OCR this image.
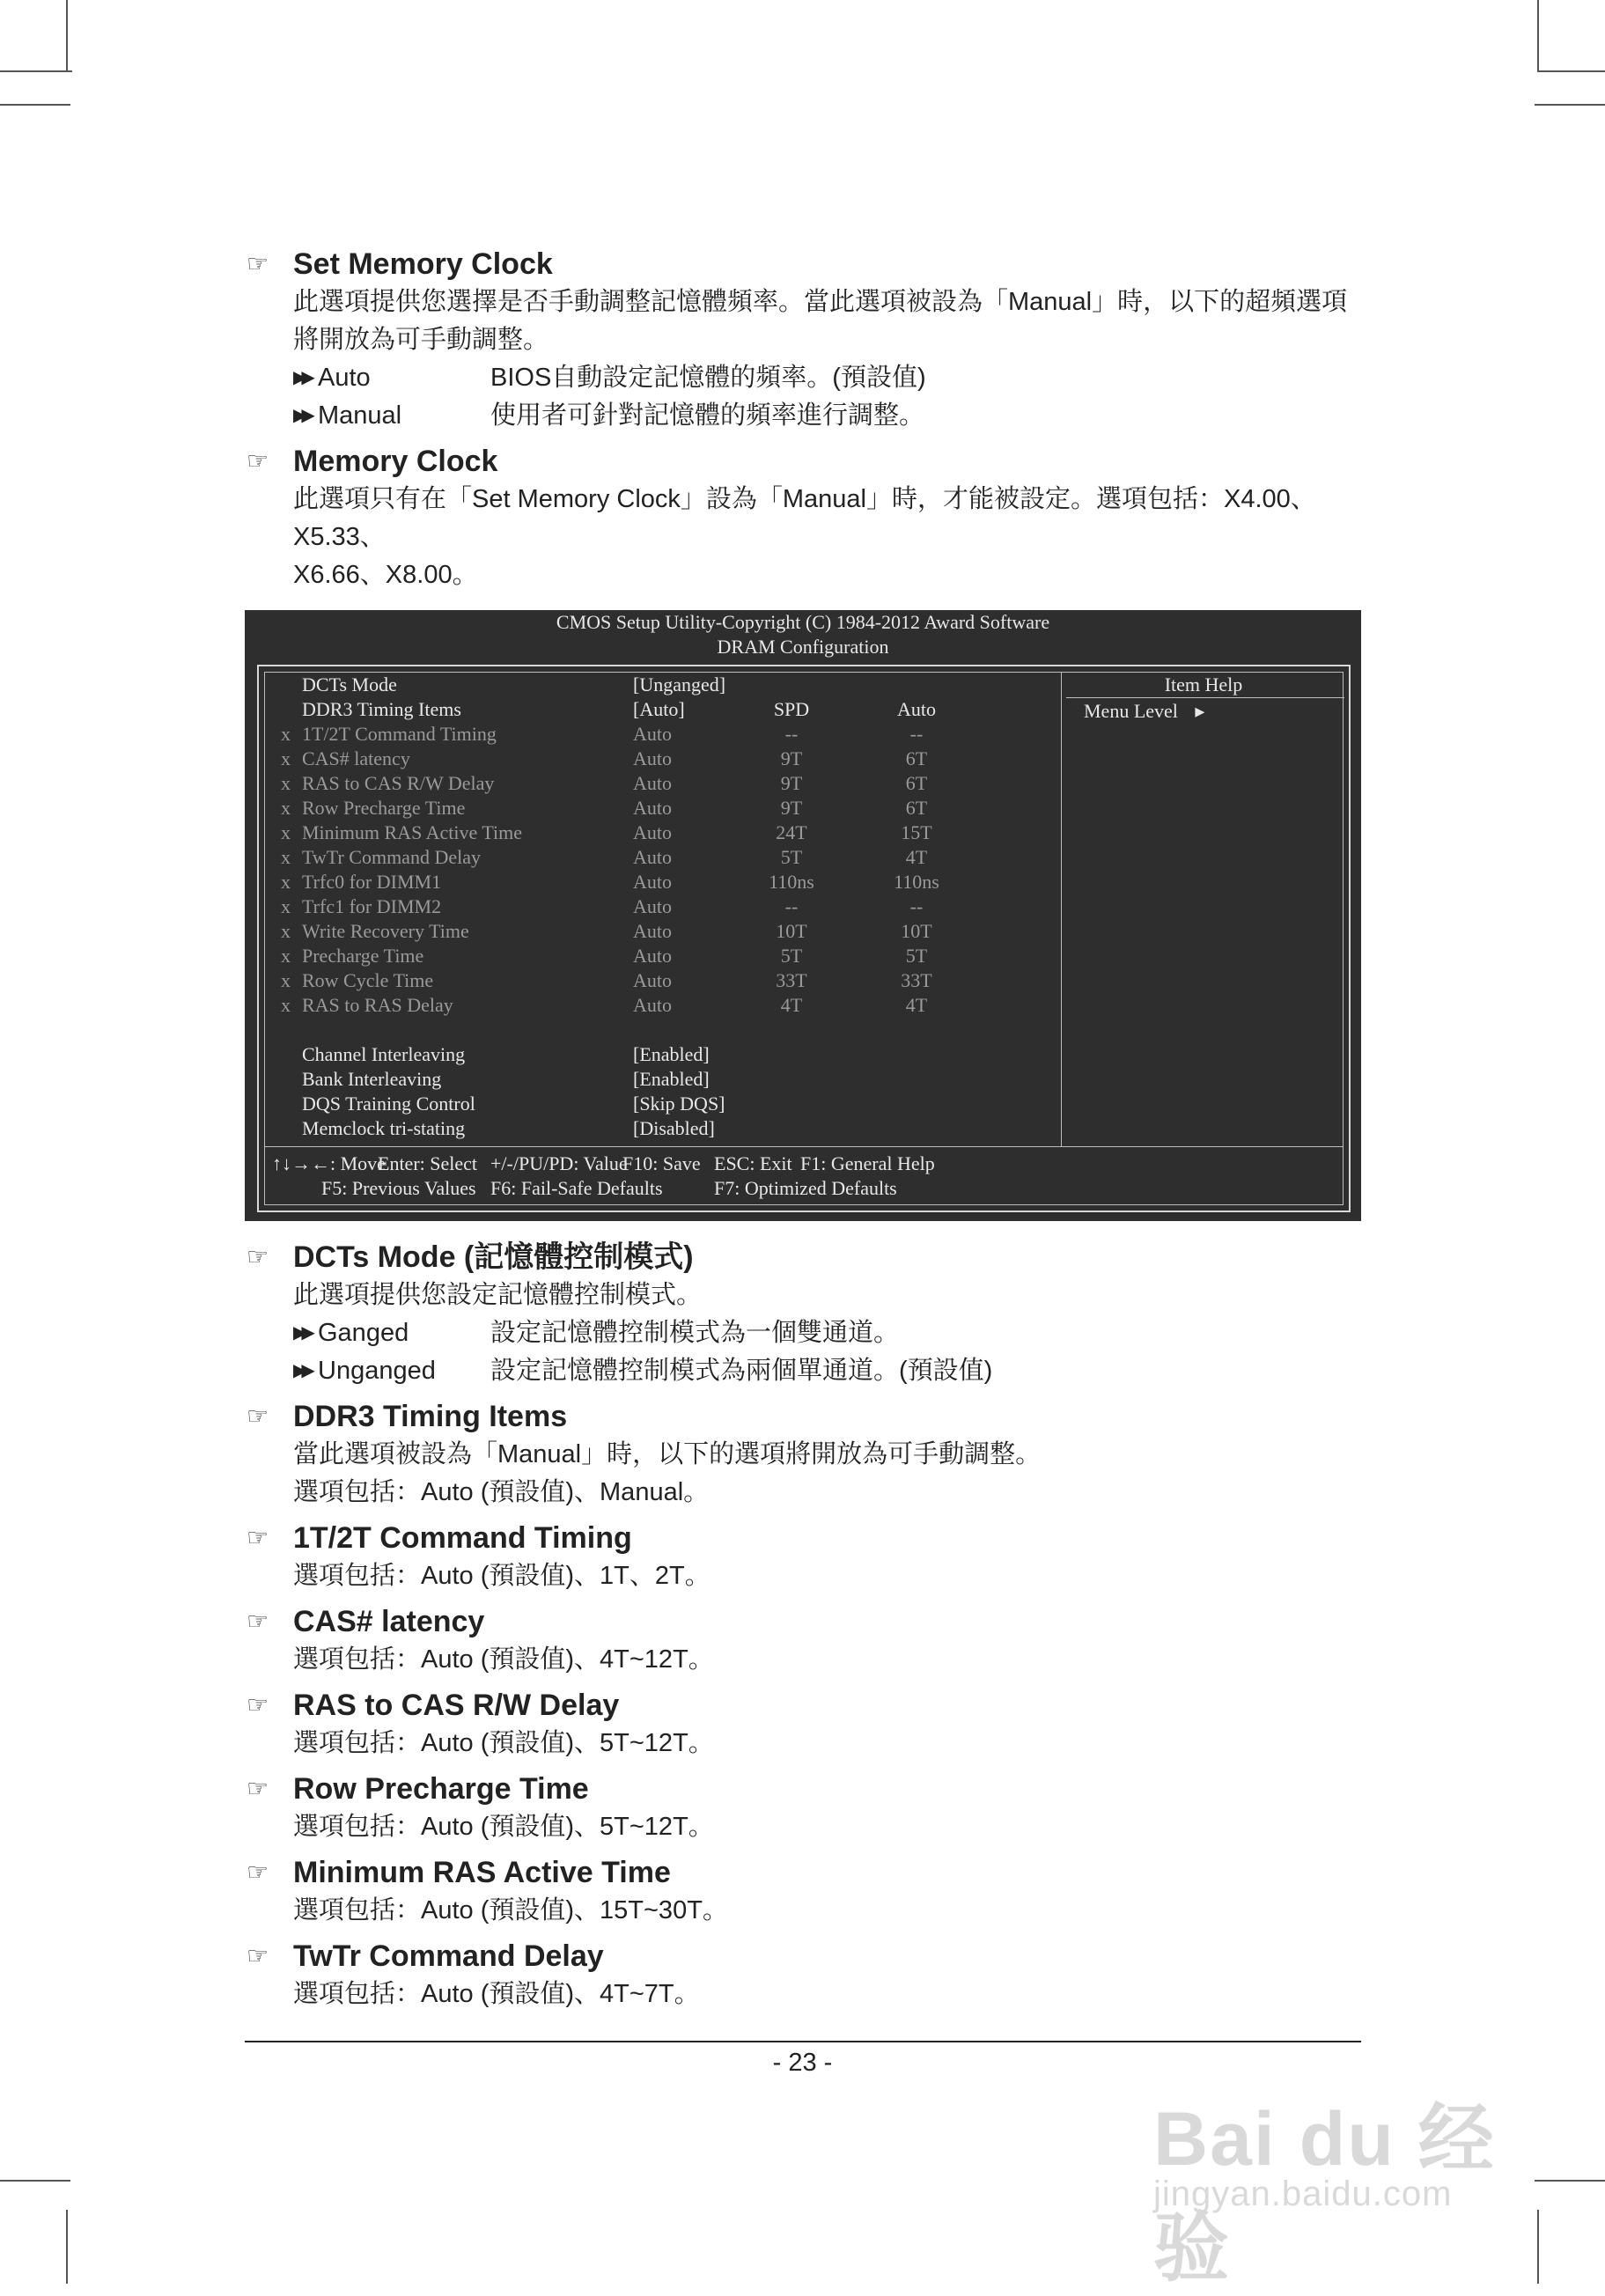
☞ Set Memory Clock
此選項提供您選擇是否手動調整記憶體頻率。當此選項被設為「Manual」時，以下的超頻選項
將開放為可手動調整。
▶▶ Auto	BIOS自動設定記憶體的頻率。(預設值)
▶▶ Manual	使用者可針對記憶體的頻率進行調整。
☞ Memory Clock
此選項只有在「Set Memory Clock」設為「Manual」時，才能被設定。選項包括：X4.00、X5.33、
X6.66、X8.00。
CMOS Setup Utility-Copyright (C) 1984-2012 Award Software
DRAM Configuration
Item Help
Menu Level ▸
DCTs Mode	[Unganged]
DDR3 Timing Items	[Auto]	SPD	Auto
x 1T/2T Command Timing	Auto	--	--
x CAS# latency	Auto	9T	6T
x RAS to CAS R/W Delay	Auto	9T	6T
x Row Precharge Time	Auto	9T	6T
x Minimum RAS Active Time	Auto	24T	15T
x TwTr Command Delay	Auto	5T	4T
x Trfc0 for DIMM1	Auto	110ns	110ns
x Trfc1 for DIMM2	Auto	--	--
x Write Recovery Time	Auto	10T	10T
x Precharge Time	Auto	5T	5T
x Row Cycle Time	Auto	33T	33T
x RAS to RAS Delay	Auto	4T	4T
Channel Interleaving	[Enabled]
Bank Interleaving	[Enabled]
DQS Training Control	[Skip DQS]
Memclock tri-stating	[Disabled]
↑↓→←: Move
Enter: Select +/-/PU/PD: Value
F10: Save ESC: Exit F1: General Help
F5: Previous Values F6: Fail-Safe Defaults	F7: Optimized Defaults
☞ DCTs Mode (記憶體控制模式)
此選項提供您設定記憶體控制模式。
▶▶ Ganged	設定記憶體控制模式為一個雙通道。
▶▶ Unganged	設定記憶體控制模式為兩個單通道。(預設值)
☞ DDR3 Timing Items
當此選項被設為「Manual」時，以下的選項將開放為可手動調整。
選項包括：Auto (預設值)、Manual。
☞ 1T/2T Command Timing
選項包括：Auto (預設值)、1T、2T。
☞ CAS# latency
選項包括：Auto (預設值)、4T~12T。
☞ RAS to CAS R/W Delay
選項包括：Auto (預設值)、5T~12T。
☞ Row Precharge Time
選項包括：Auto (預設值)、5T~12T。
☞ Minimum RAS Active Time
選項包括：Auto (預設值)、15T~30T。
☞ TwTr Command Delay
選項包括：Auto (預設值)、4T~7T。
- 23 -
Bai du 经验
jingyan.baidu.com
